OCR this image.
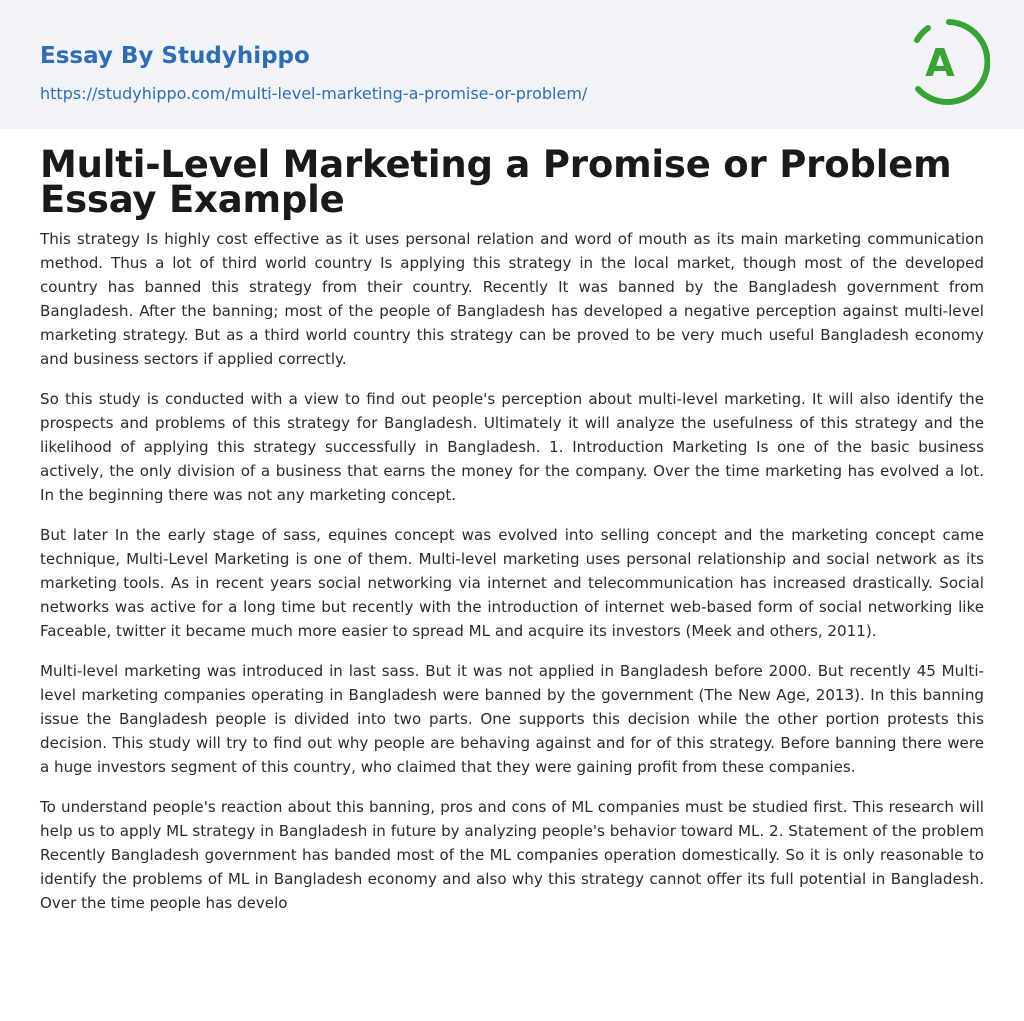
Essay By Studyhippo
https://studyhippo.com/multi-level-marketing-a-promise-or-problem/
A
Multi-Level Marketing a Promise or Problem Essay Example

This strategy Is highly cost effective as it uses personal relation and word of mouth as its main marketing communication method. Thus a lot of third world country Is applying this strategy in the local market, though most of the developed country has banned this strategy from their country. Recently It was banned by the Bangladesh government from Bangladesh. After the banning; most of the people of Bangladesh has developed a negative perception against multi-level marketing strategy. But as a third world country this strategy can be proved to be very much useful Bangladesh economy and business sectors if applied correctly.

So this study is conducted with a view to find out people's perception about multi-level marketing. It will also identify the prospects and problems of this strategy for Bangladesh. Ultimately it will analyze the usefulness of this strategy and the likelihood of applying this strategy successfully in Bangladesh. 1. Introduction Marketing Is one of the basic business actively, the only division of a business that earns the money for the company. Over the time marketing has evolved a lot. In the beginning there was not any marketing concept.

But later In the early stage of sass, equines concept was evolved into selling concept and the marketing concept came technique, Multi-Level Marketing is one of them. Multi-level marketing uses personal relationship and social network as its marketing tools. As in recent years social networking via internet and telecommunication has increased drastically. Social networks was active for a long time but recently with the introduction of internet web-based form of social networking like Faceable, twitter it became much more easier to spread ML and acquire its investors (Meek and others, 2011).

Multi-level marketing was introduced in last sass. But it was not applied in Bangladesh before 2000. But recently 45 Multi-level marketing companies operating in Bangladesh were banned by the government (The New Age, 2013). In this banning issue the Bangladesh people is divided into two parts. One supports this decision while the other portion protests this decision. This study will try to find out why people are behaving against and for of this strategy. Before banning there were a huge investors segment of this country, who claimed that they were gaining profit from these companies.

To understand people's reaction about this banning, pros and cons of ML companies must be studied first. This research will help us to apply ML strategy in Bangladesh in future by analyzing people's behavior toward ML. 2. Statement of the problem Recently Bangladesh government has banded most of the ML companies operation domestically. So it is only reasonable to identify the problems of ML in Bangladesh economy and also why this strategy cannot offer its full potential in Bangladesh. Over the time people has develo
